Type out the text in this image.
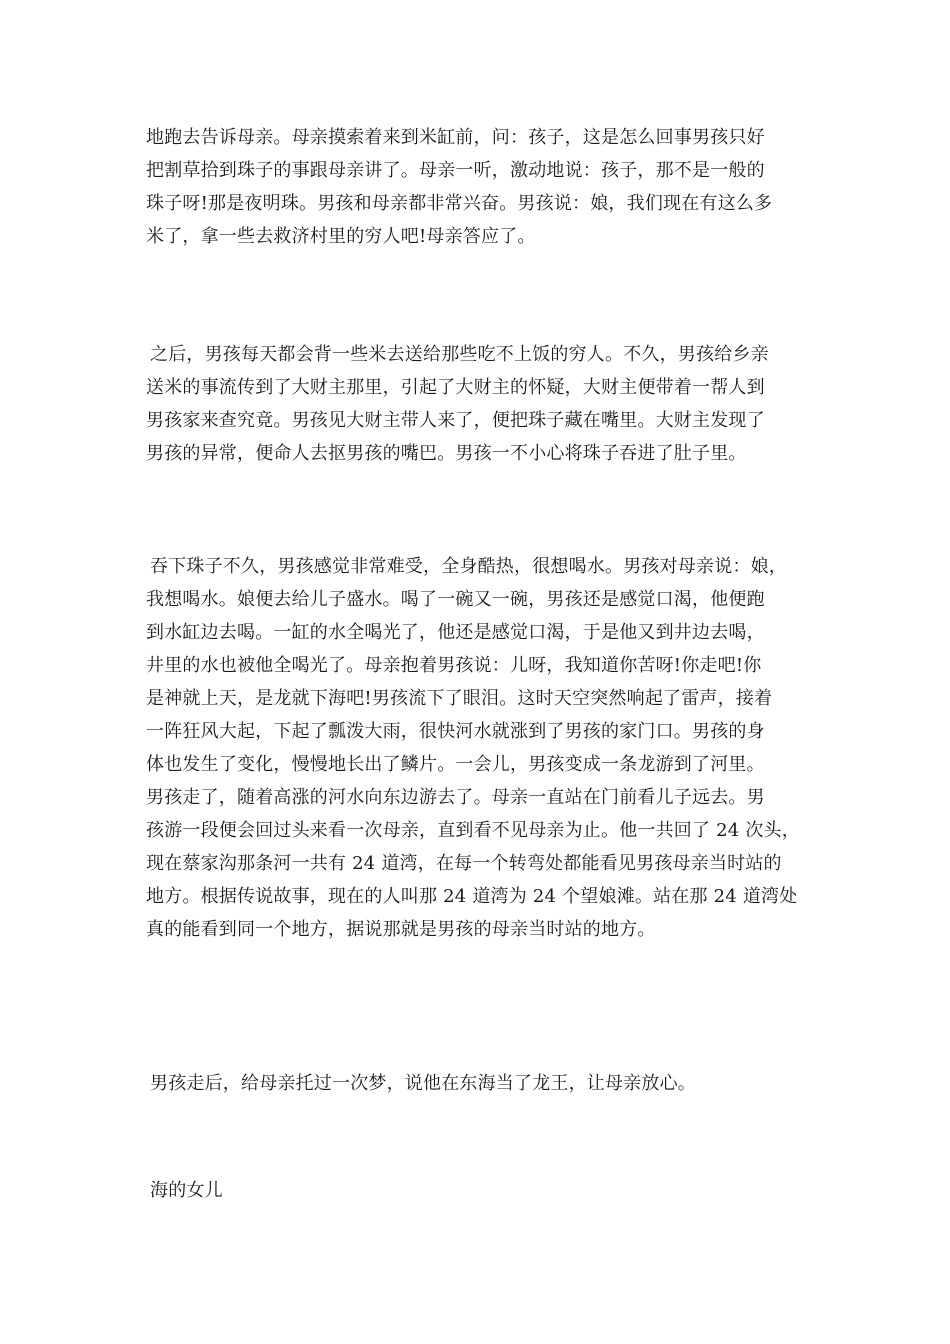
地跑去告诉母亲。母亲摸索着来到米缸前，问：孩子，这是怎么回事男孩只好
把割草拾到珠子的事跟母亲讲了。母亲一听，激动地说：孩子，那不是一般的
珠子呀!那是夜明珠。男孩和母亲都非常兴奋。男孩说：娘，我们现在有这么多
米了，拿一些去救济村里的穷人吧!母亲答应了。
之后，男孩每天都会背一些米去送给那些吃不上饭的穷人。不久，男孩给乡亲
送米的事流传到了大财主那里，引起了大财主的怀疑，大财主便带着一帮人到
男孩家来查究竟。男孩见大财主带人来了，便把珠子藏在嘴里。大财主发现了
男孩的异常，便命人去抠男孩的嘴巴。男孩一不小心将珠子吞进了肚子里。
吞下珠子不久，男孩感觉非常难受，全身酷热，很想喝水。男孩对母亲说：娘，
我想喝水。娘便去给儿子盛水。喝了一碗又一碗，男孩还是感觉口渴，他便跑
到水缸边去喝。一缸的水全喝光了，他还是感觉口渴，于是他又到井边去喝，
井里的水也被他全喝光了。母亲抱着男孩说：儿呀，我知道你苦呀!你走吧!你
是神就上天，是龙就下海吧!男孩流下了眼泪。这时天空突然响起了雷声，接着
一阵狂风大起，下起了瓢泼大雨，很快河水就涨到了男孩的家门口。男孩的身
体也发生了变化，慢慢地长出了鳞片。一会儿，男孩变成一条龙游到了河里。
男孩走了，随着高涨的河水向东边游去了。母亲一直站在门前看儿子远去。男
孩游一段便会回过头来看一次母亲，直到看不见母亲为止。他一共回了 24 次头，
现在蔡家沟那条河一共有 24 道湾，在每一个转弯处都能看见男孩母亲当时站的
地方。根据传说故事，现在的人叫那 24 道湾为 24 个望娘滩。站在那 24 道湾处
真的能看到同一个地方，据说那就是男孩的母亲当时站的地方。
男孩走后，给母亲托过一次梦，说他在东海当了龙王，让母亲放心。
海的女儿
